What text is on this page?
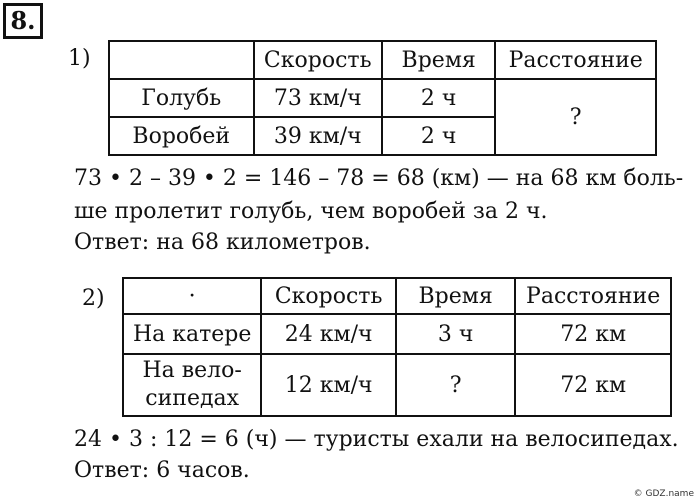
8.
1)
		Скорость	Время	Расстояние
Голубь	73 км/ч	2 ч	?
Воробей	39 км/ч	2 ч	
73 • 2 – 39 • 2 = 146 – 78 = 68 (км) — на 68 км боль-
ше пролетит голубь, чем воробей за 2 ч.
Ответ: на 68 километров.
2)	·	Скорость	Время	Расстояние
На катере	24 км/ч	3 ч	72 км

На вело-
сипедах	12 км/ч	?	72 км
24 • 3 : 12 = 6 (ч) — туристы ехали на велосипедах.
Ответ: 6 часов.
© GDZ.name
